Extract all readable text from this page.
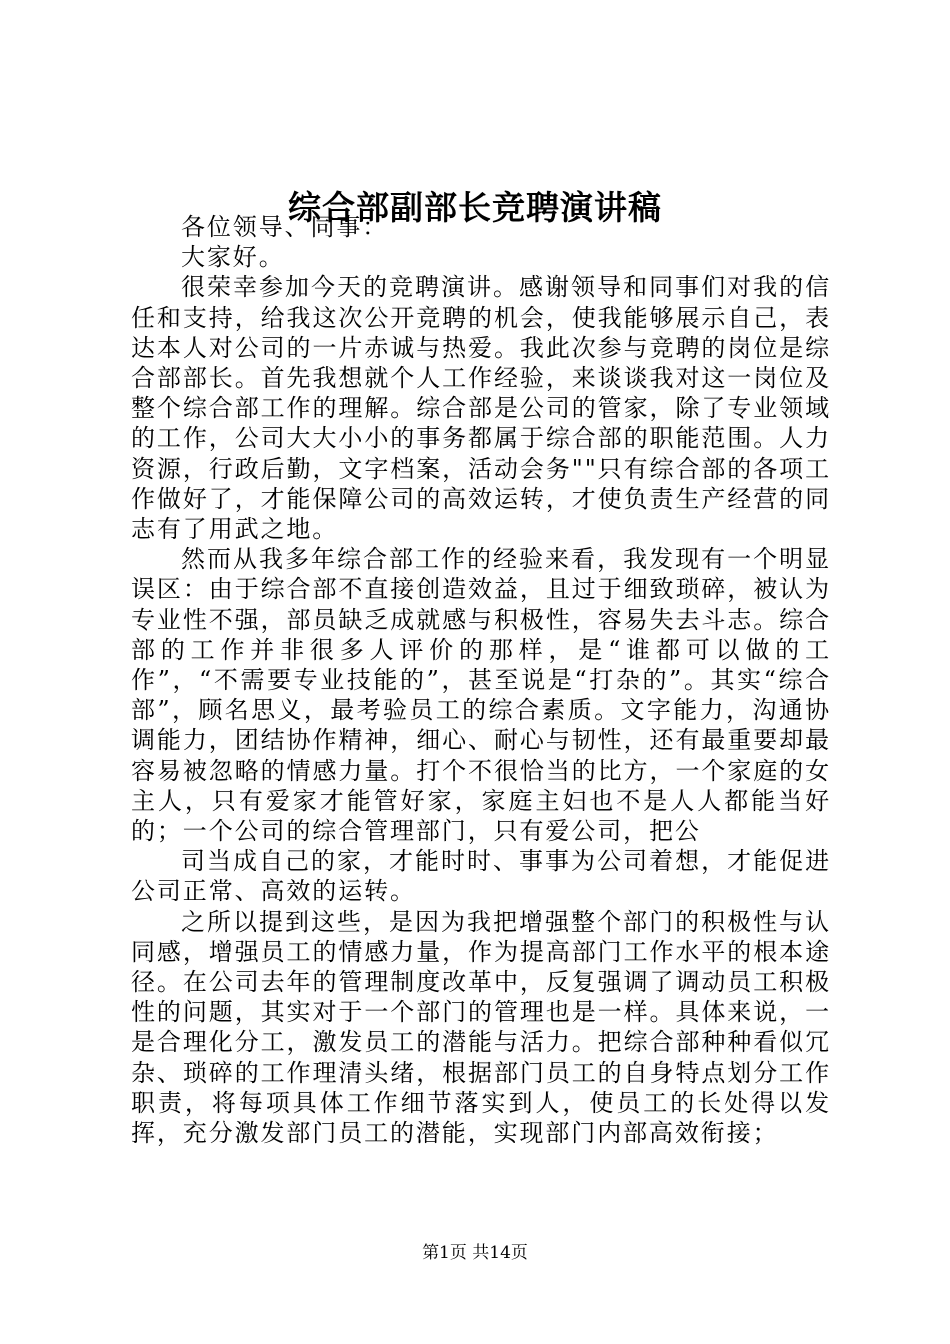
综合部副部长竞聘演讲稿

各位领导、同事：

大家好。

很荣幸参加今天的竞聘演讲。感谢领导和同事们对我的信任和支持，给我这次公开竞聘的机会，使我能够展示自己，表达本人对公司的一片赤诚与热爱。我此次参与竞聘的岗位是综合部部长。首先我想就个人工作经验，来谈谈我对这一岗位及整个综合部工作的理解。综合部是公司的管家，除了专业领域的工作，公司大大小小的事务都属于综合部的职能范围。人力资源，行政后勤，文字档案，活动会务""只有综合部的各项工作做好了，才能保障公司的高效运转，才使负责生产经营的同志有了用武之地。

然而从我多年综合部工作的经验来看，我发现有一个明显误区：由于综合部不直接创造效益，且过于细致琐碎，被认为专业性不强，部员缺乏成就感与积极性，容易失去斗志。综合部的工作并非很多人评价的那样，是“谁都可以做的工作”，“不需要专业技能的”，甚至说是“打杂的”。其实“综合部”，顾名思义，最考验员工的综合素质。文字能力，沟通协调能力，团结协作精神，细心、耐心与韧性，还有最重要却最容易被忽略的情感力量。打个不很恰当的比方，一个家庭的女主人，只有爱家才能管好家，家庭主妇也不是人人都能当好的；一个公司的综合管理部门，只有爱公司，把公

司当成自己的家，才能时时、事事为公司着想，才能促进公司正常、高效的运转。

之所以提到这些，是因为我把增强整个部门的积极性与认同感，增强员工的情感力量，作为提高部门工作水平的根本途径。在公司去年的管理制度改革中，反复强调了调动员工积极性的问题，其实对于一个部门的管理也是一样。具体来说，一是合理化分工，激发员工的潜能与活力。把综合部种种看似冗杂、琐碎的工作理清头绪，根据部门员工的自身特点划分工作职责，将每项具体工作细节落实到人，使员工的长处得以发挥，充分激发部门员工的潜能，实现部门内部高效衔接；

第1页 共14页
